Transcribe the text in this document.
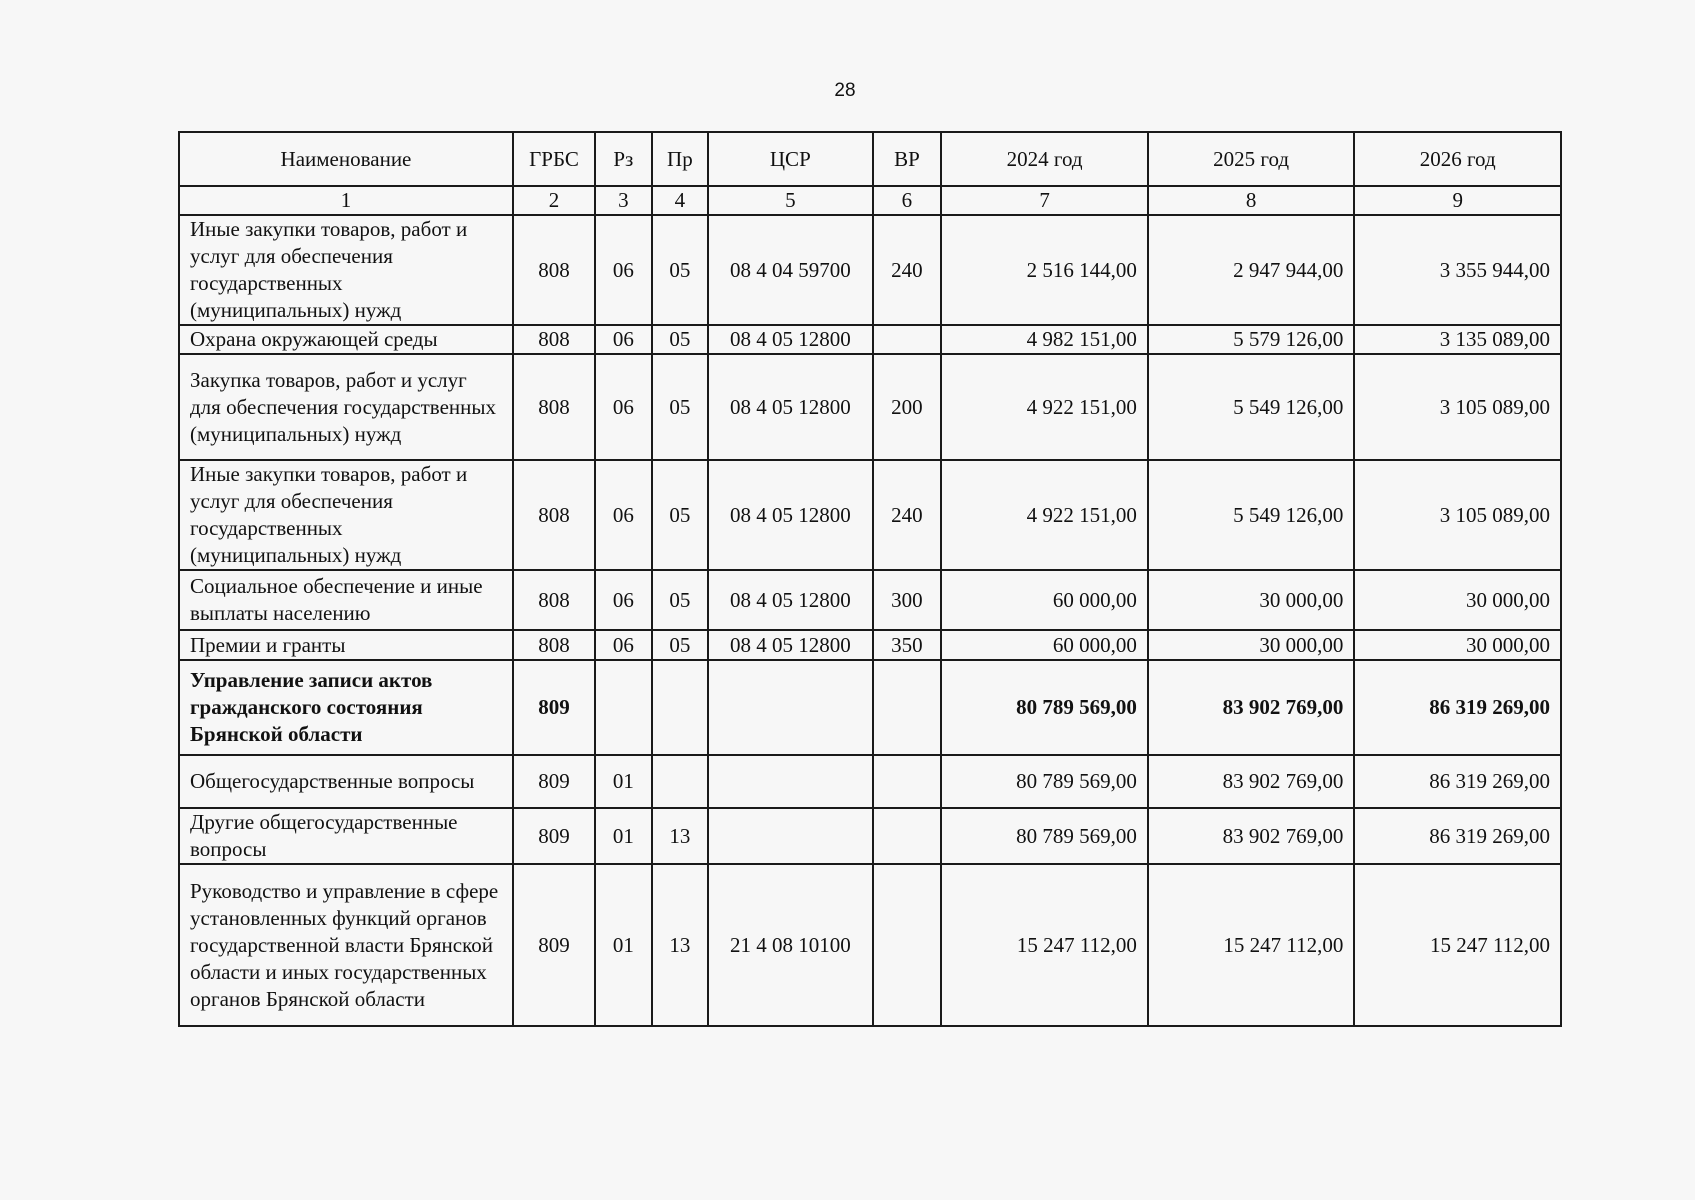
28
Наименование	ГРБС	Рз	Пр	ЦСР	ВР	2024 год	2025 год	2026 год
1	2	3	4	5	6	7	8	9
Иные закупки товаров, работ и услуг для обеспечения государственных (муниципальных) нужд	808	06	05	08 4 04 59700	240	2 516 144,00	2 947 944,00	3 355 944,00
Охрана окружающей среды	808	06	05	08 4 05 12800		4 982 151,00	5 579 126,00	3 135 089,00
Закупка товаров, работ и услуг для обеспечения государственных (муниципальных) нужд	808	06	05	08 4 05 12800	200	4 922 151,00	5 549 126,00	3 105 089,00
Иные закупки товаров, работ и услуг для обеспечения государственных (муниципальных) нужд	808	06	05	08 4 05 12800	240	4 922 151,00	5 549 126,00	3 105 089,00
Социальное обеспечение и иные выплаты населению	808	06	05	08 4 05 12800	300	60 000,00	30 000,00	30 000,00
Премии и гранты	808	06	05	08 4 05 12800	350	60 000,00	30 000,00	30 000,00
Управление записи актов гражданского состояния Брянской области	809					80 789 569,00	83 902 769,00	86 319 269,00
Общегосударственные вопросы	809	01				80 789 569,00	83 902 769,00	86 319 269,00
Другие общегосударственные вопросы	809	01	13			80 789 569,00	83 902 769,00	86 319 269,00
Руководство и управление в сфере установленных функций органов государственной власти Брянской области и иных государственных органов Брянской области	809	01	13	21 4 08 10100		15 247 112,00	15 247 112,00	15 247 112,00
